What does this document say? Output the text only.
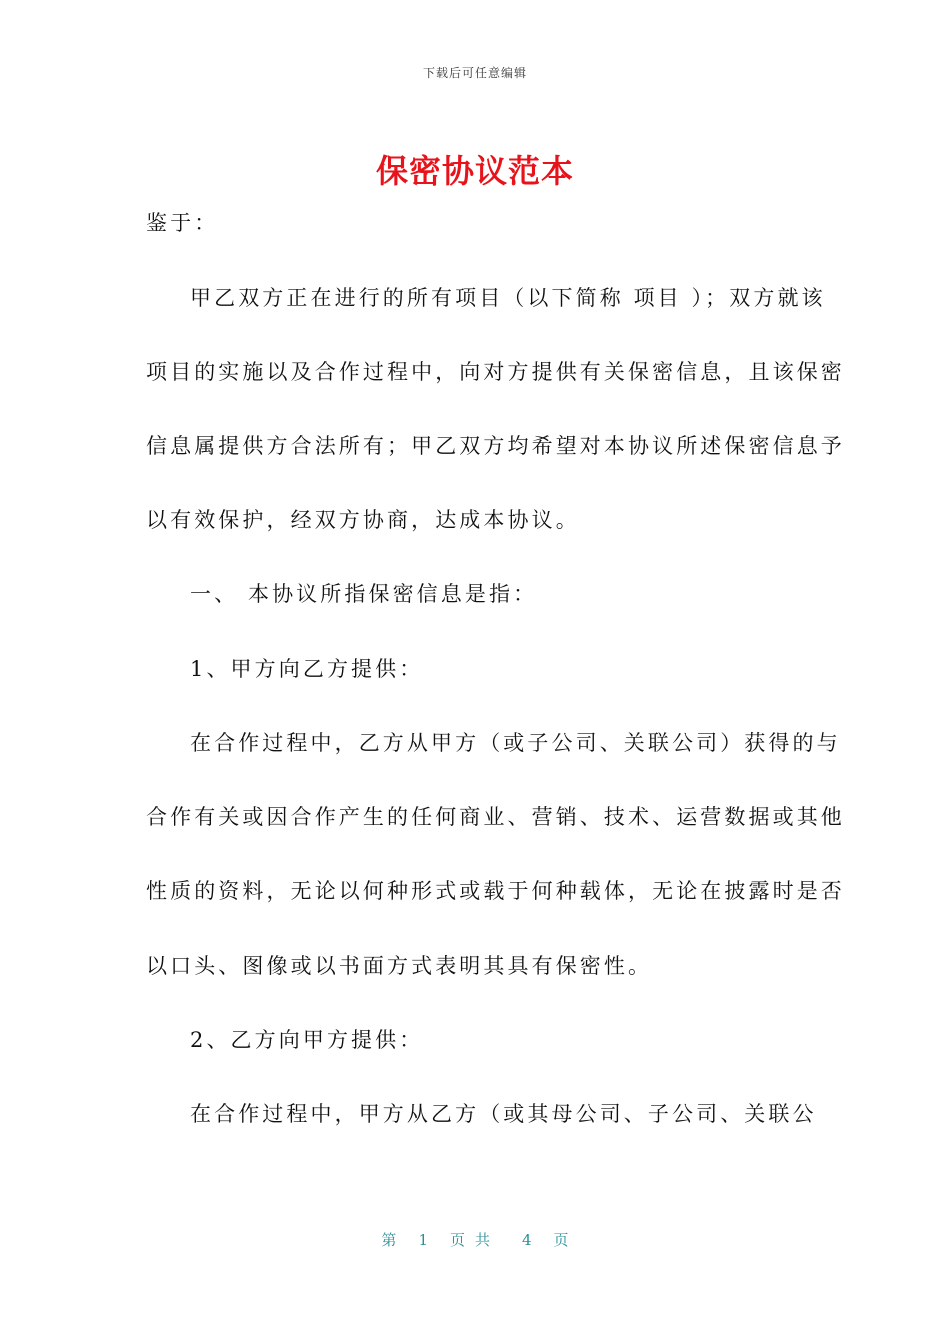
下载后可任意编辑
保密协议范本
鉴于：
甲乙双方正在进行的所有项目（以下简称 项目 ）；双方就该
项目的实施以及合作过程中，向对方提供有关保密信息，且该保密
信息属提供方合法所有；甲乙双方均希望对本协议所述保密信息予
以有效保护，经双方协商，达成本协议。
一、 本协议所指保密信息是指：
1、甲方向乙方提供：
在合作过程中，乙方从甲方（或子公司、关联公司）获得的与
合作有关或因合作产生的任何商业、营销、技术、运营数据或其他
性质的资料，无论以何种形式或载于何种载体，无论在披露时是否
以口头、图像或以书面方式表明其具有保密性。
2、乙方向甲方提供：
在合作过程中，甲方从乙方（或其母公司、子公司、关联公
第 1 页共 4 页
